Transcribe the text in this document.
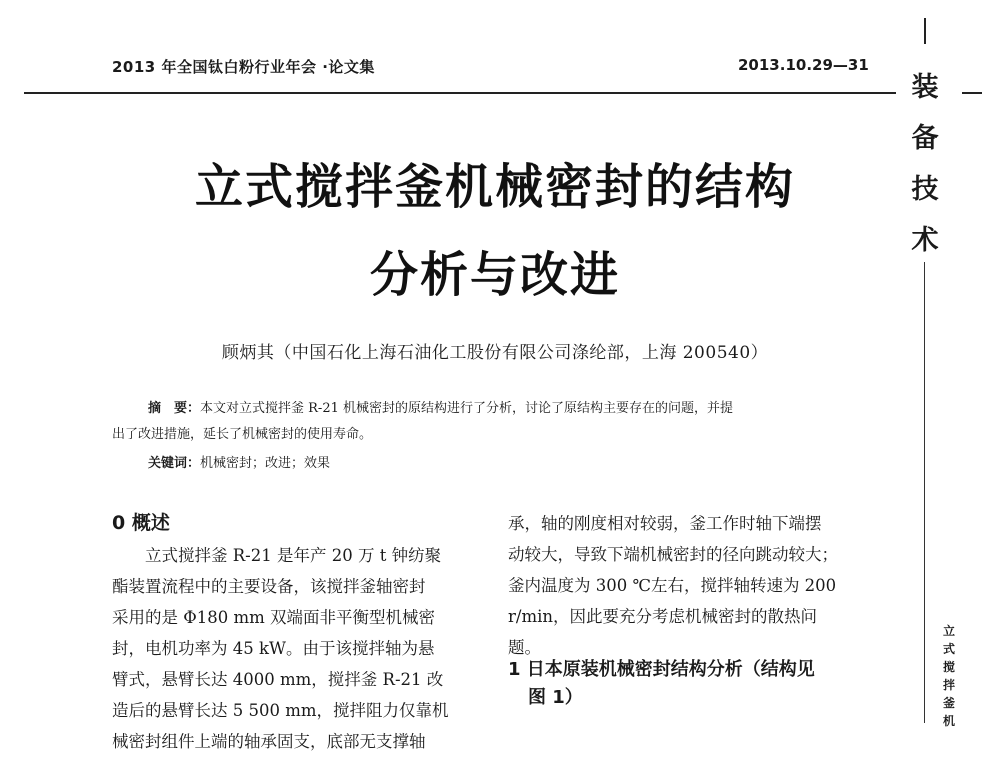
2013 年全国钛白粉行业年会 ·论文集	2013.10.29—31
立式搅拌釜机械密封的结构
分析与改进
顾炳其（中国石化上海石油化工股份有限公司涤纶部，上海 200540）
摘　要：本文对立式搅拌釜 R-21 机械密封的原结构进行了分析，讨论了原结构主要存在的问题，并提
出了改进措施，延长了机械密封的使用寿命。
关键词：机械密封；改进；效果
0 概述
立式搅拌釜 R-21 是年产 20 万 t 钟纺聚
酯装置流程中的主要设备，该搅拌釜轴密封
采用的是 Φ180 mm 双端面非平衡型机械密
封，电机功率为 45 kW。由于该搅拌轴为悬
臂式，悬臂长达 4000 mm，搅拌釜 R-21 改
造后的悬臂长达 5 500 mm，搅拌阻力仅靠机
械密封组件上端的轴承固支，底部无支撑轴
承，轴的刚度相对较弱，釜工作时轴下端摆
动较大，导致下端机械密封的径向跳动较大；
釜内温度为 300 ℃左右，搅拌轴转速为 200
r/min，因此要充分考虑机械密封的散热问
题。
1 日本原装机械密封结构分析（结构见
图 1）
装
备
技
术
立
式
搅
拌
釜
机
